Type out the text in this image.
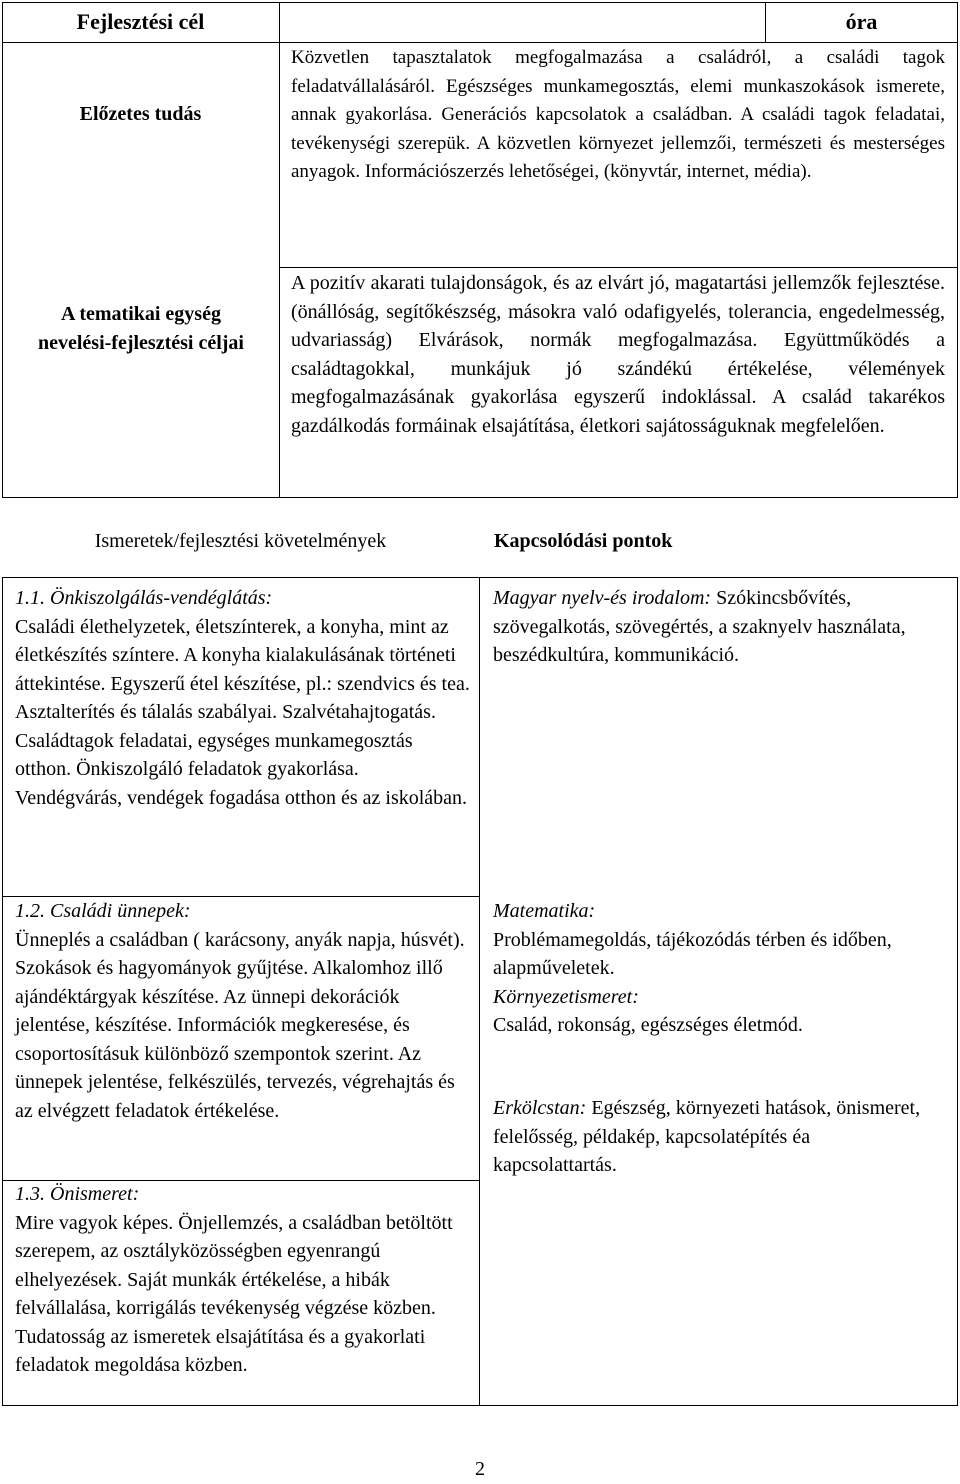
Fejlesztési cél	óra
Előzetes tudás
Közvetlen tapasztalatok megfogalmazása a családról, a családi tagok feladatvállalásáról. Egészséges munkamegosztás, elemi munkaszokások ismerete, annak gyakorlása. Generációs kapcsolatok a családban. A családi tagok feladatai, tevékenységi szerepük. A közvetlen környezet jellemzői, természeti és mesterséges anyagok. Információszerzés lehetőségei, (könyvtár, internet, média).
A tematikai egység nevelési-fejlesztési céljai
A pozitív akarati tulajdonságok, és az elvárt jó, magatartási jellemzők fejlesztése. (önállóság, segítőkészség, másokra való odafigyelés, tolerancia, engedelmesség, udvariasság) Elvárások, normák megfogalmazása. Együttműködés a családtagokkal, munkájuk jó szándékú értékelése, vélemények megfogalmazásának gyakorlása egyszerű indoklással. A család takarékos gazdálkodás formáinak elsajátítása, életkori sajátosságuknak megfelelően.
Ismeretek/fejlesztési követelmények	Kapcsolódási pontok
1.1. Önkiszolgálás-vendéglátás:
Családi élethelyzetek, életszínterek, a konyha, mint az életkészítés színtere. A konyha kialakulásának történeti áttekintése. Egyszerű étel készítése, pl.: szendvics és tea. Asztalterítés és tálalás szabályai. Szalvétahajtogatás. Családtagok feladatai, egységes munkamegosztás otthon. Önkiszolgáló feladatok gyakorlása. Vendégvárás, vendégek fogadása otthon és az iskolában.
1.2. Családi ünnepek:
Ünneplés a családban ( karácsony, anyák napja, húsvét). Szokások és hagyományok gyűjtése. Alkalomhoz illő ajándéktárgyak készítése. Az ünnepi dekorációk jelentése, készítése. Információk megkeresése, és csoportosításuk különböző szempontok szerint. Az ünnepek jelentése, felkészülés, tervezés, végrehajtás és az elvégzett feladatok értékelése.
1.3. Önismeret:
Mire vagyok képes. Önjellemzés, a családban betöltött szerepem, az osztályközösségben egyenrangú elhelyezések. Saját munkák értékelése, a hibák felvállalása, korrigálás tevékenység végzése közben. Tudatosság az ismeretek elsajátítása és a gyakorlati feladatok megoldása közben.
Magyar nyelv-és irodalom: Szókincsbővítés, szövegalkotás, szövegértés, a szaknyelv használata, beszédkultúra, kommunikáció.
Matematika:
Problémamegoldás, tájékozódás térben és időben, alapműveletek.
Környezetismeret:
Család, rokonság, egészséges életmód.
Erkölcstan: Egészség, környezeti hatások, önismeret, felelősség, példakép, kapcsolatépítés éa kapcsolattartás.
2
